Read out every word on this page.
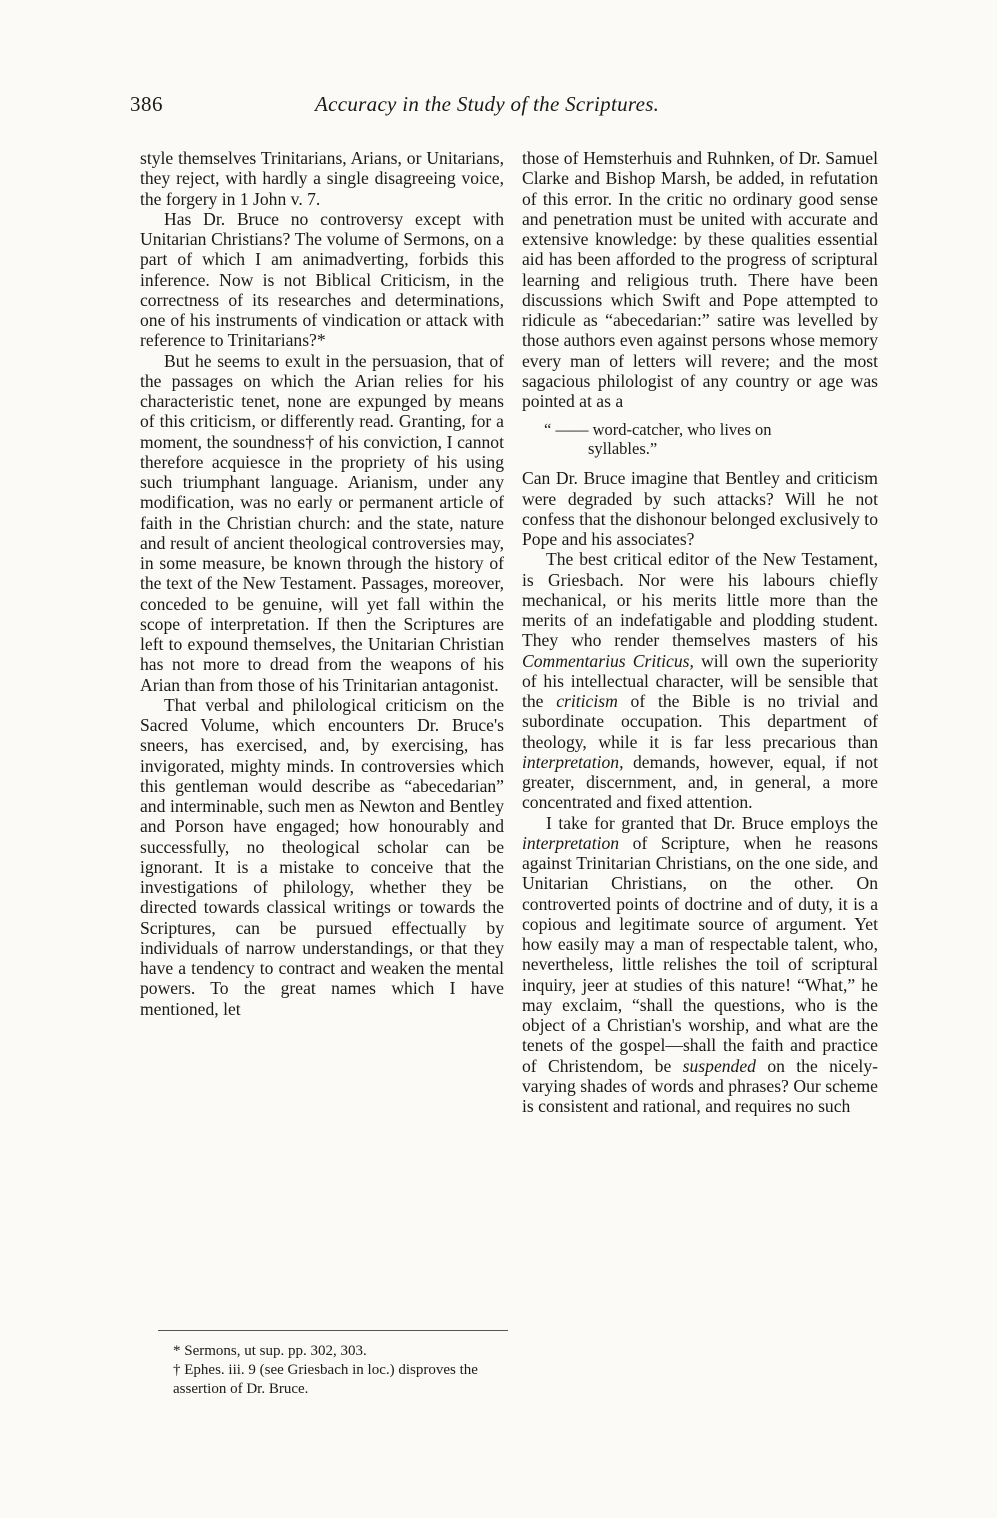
386	Accuracy in the Study of the Scriptures.

style themselves Trinitarians, Arians, or Unitarians, they reject, with hardly a single disagreeing voice, the forgery in 1 John v. 7.

Has Dr. Bruce no controversy except with Unitarian Christians? The volume of Sermons, on a part of which I am animadverting, forbids this inference. Now is not Biblical Criticism, in the correctness of its researches and determinations, one of his instruments of vindication or attack with reference to Trinitarians?*

But he seems to exult in the persuasion, that of the passages on which the Arian relies for his characteristic tenet, none are expunged by means of this criticism, or differently read. Granting, for a moment, the soundness† of his conviction, I cannot therefore acquiesce in the propriety of his using such triumphant language. Arianism, under any modification, was no early or permanent article of faith in the Christian church: and the state, nature and result of ancient theological controversies may, in some measure, be known through the history of the text of the New Testament. Passages, moreover, conceded to be genuine, will yet fall within the scope of interpretation. If then the Scriptures are left to expound themselves, the Unitarian Christian has not more to dread from the weapons of his Arian than from those of his Trinitarian antagonist.

That verbal and philological criticism on the Sacred Volume, which encounters Dr. Bruce's sneers, has exercised, and, by exercising, has invigorated, mighty minds. In controversies which this gentleman would describe as “abecedarian” and interminable, such men as Newton and Bentley and Porson have engaged; how honourably and successfully, no theological scholar can be ignorant. It is a mistake to conceive that the investigations of philology, whether they be directed towards classical writings or towards the Scriptures, can be pursued effectually by individuals of narrow understandings, or that they have a tendency to contract and weaken the mental powers. To the great names which I have mentioned, let

those of Hemsterhuis and Ruhnken, of Dr. Samuel Clarke and Bishop Marsh, be added, in refutation of this error. In the critic no ordinary good sense and penetration must be united with accurate and extensive knowledge: by these qualities essential aid has been afforded to the progress of scriptural learning and religious truth. There have been discussions which Swift and Pope attempted to ridicule as “abecedarian:” satire was levelled by those authors even against persons whose memory every man of letters will revere; and the most sagacious philologist of any country or age was pointed at as a

“ —— word-catcher, who lives on
syllables.”

Can Dr. Bruce imagine that Bentley and criticism were degraded by such attacks? Will he not confess that the dishonour belonged exclusively to Pope and his associates?

The best critical editor of the New Testament, is Griesbach. Nor were his labours chiefly mechanical, or his merits little more than the merits of an indefatigable and plodding student. They who render themselves masters of his Commentarius Criticus, will own the superiority of his intellectual character, will be sensible that the criticism of the Bible is no trivial and subordinate occupation. This department of theology, while it is far less precarious than interpretation, demands, however, equal, if not greater, discernment, and, in general, a more concentrated and fixed attention.

I take for granted that Dr. Bruce employs the interpretation of Scripture, when he reasons against Trinitarian Christians, on the one side, and Unitarian Christians, on the other. On controverted points of doctrine and of duty, it is a copious and legitimate source of argument. Yet how easily may a man of respectable talent, who, nevertheless, little relishes the toil of scriptural inquiry, jeer at studies of this nature! “What,” he may exclaim, “shall the questions, who is the object of a Christian's worship, and what are the tenets of the gospel—shall the faith and practice of Christendom, be suspended on the nicely-varying shades of words and phrases? Our scheme is consistent and rational, and requires no such

* Sermons, ut sup. pp. 302, 303.

† Ephes. iii. 9 (see Griesbach in loc.) disproves the assertion of Dr. Bruce.
